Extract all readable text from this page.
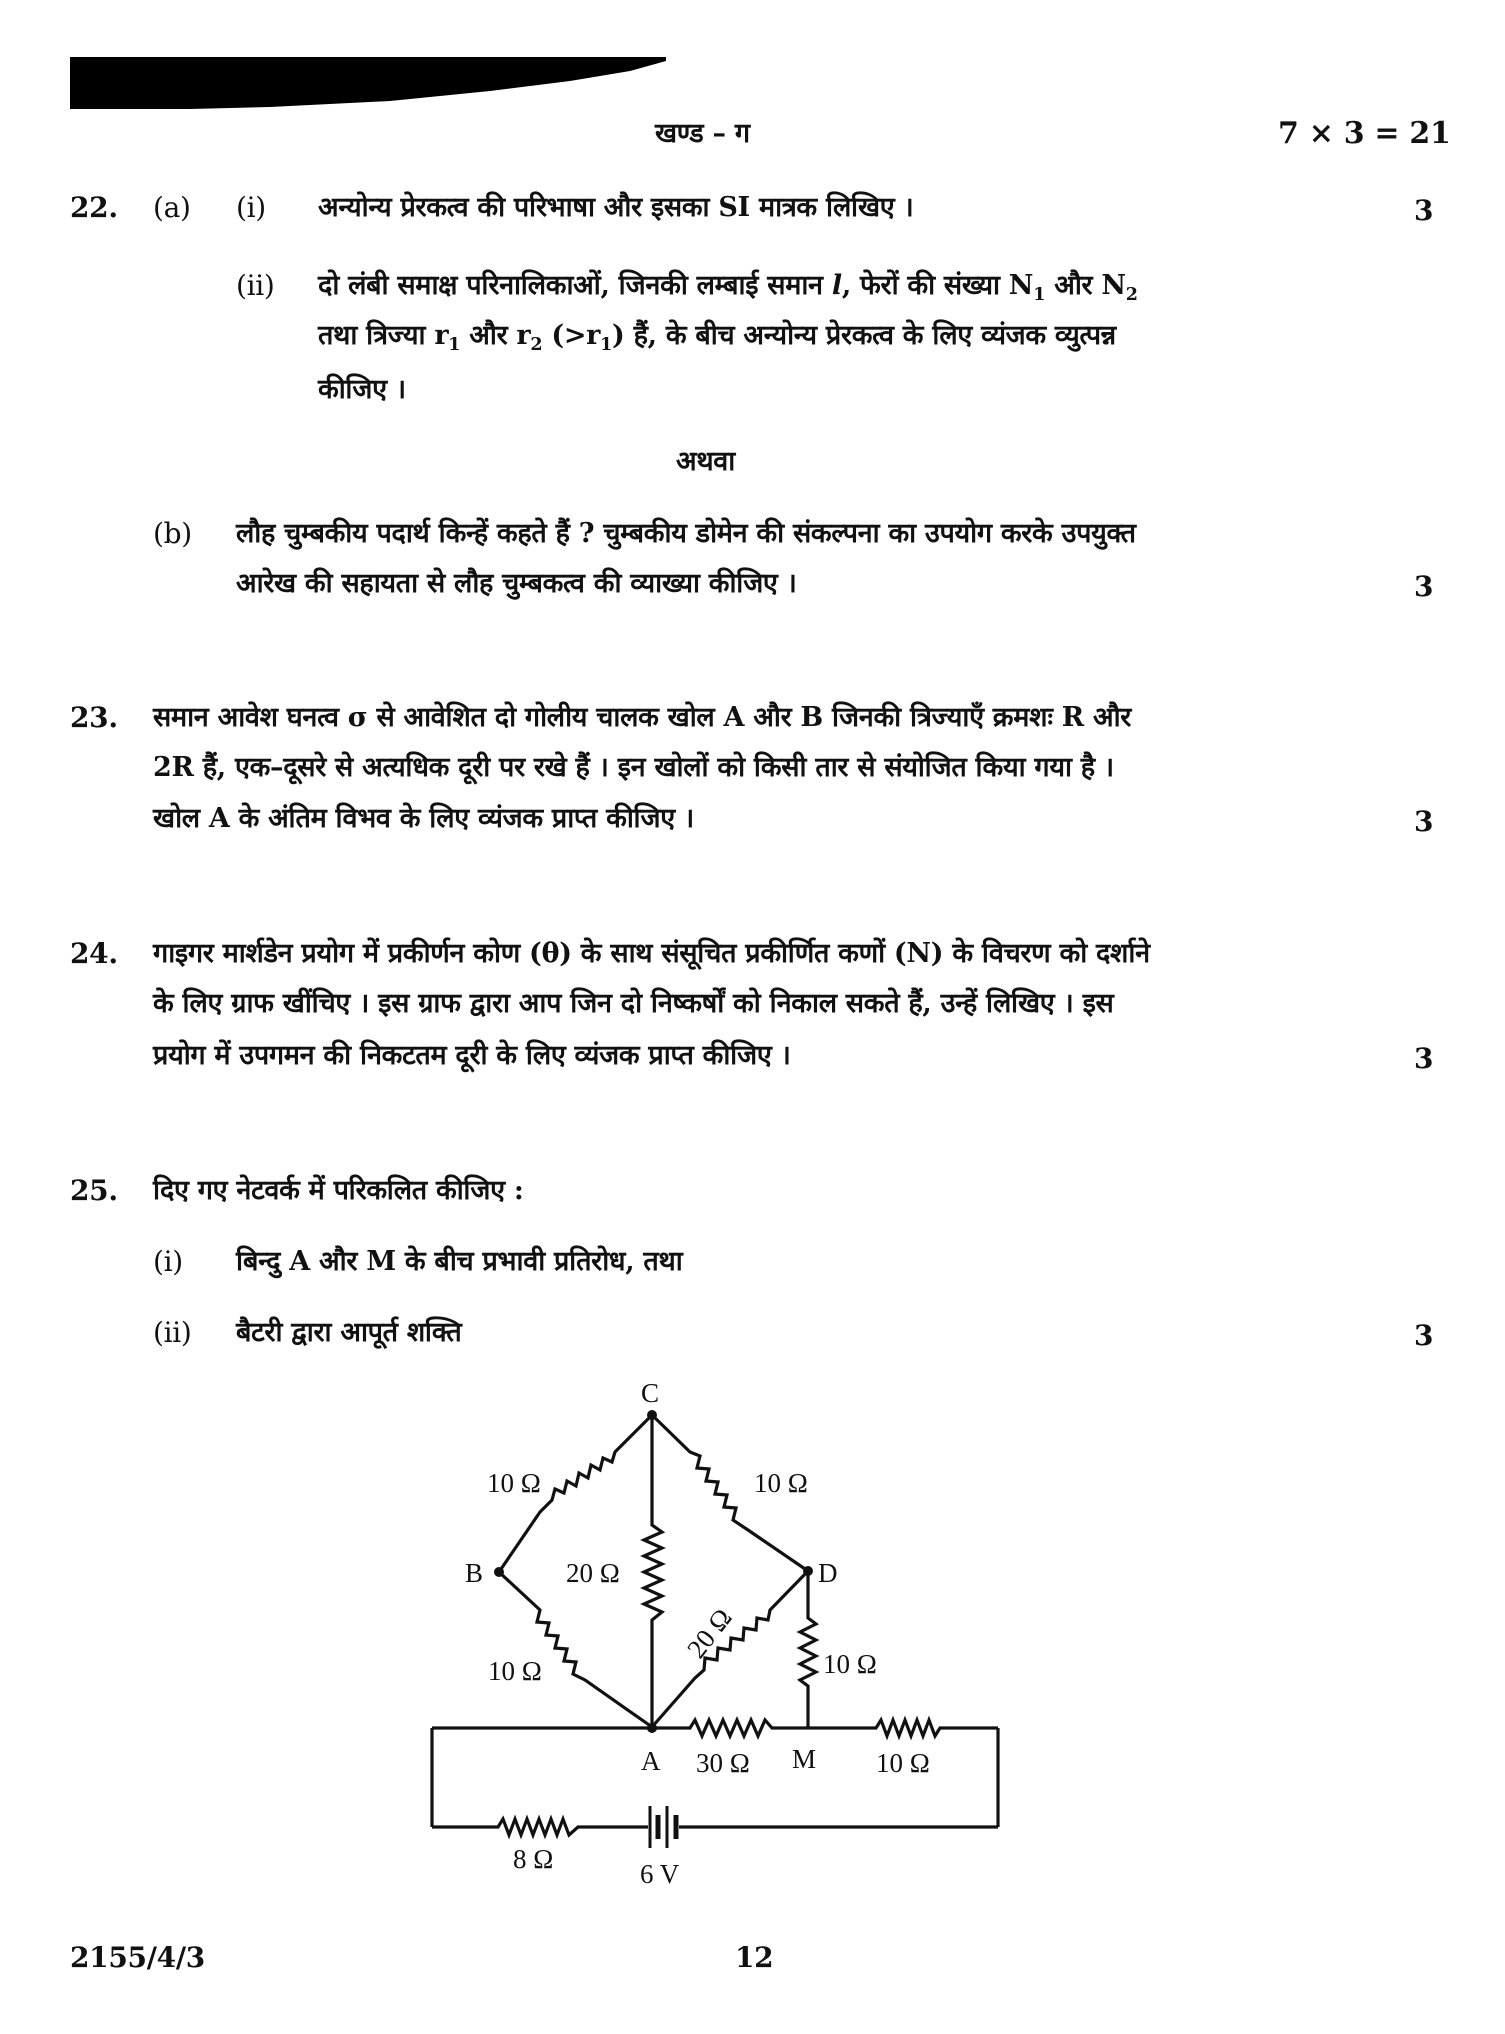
खण्ड – ग	7 × 3 = 21
22. (a) (i) अन्योन्य प्रेरकत्व की परिभाषा और इसका SI मात्रक लिखिए ।	3
(ii) दो लंबी समाक्ष परिनालिकाओं, जिनकी लम्बाई समान l, फेरों की संख्या $N_1$ और $N_2$
तथा त्रिज्या $r_1$ और $r_2$ $(>r_1)$ हैं, के बीच अन्योन्य प्रेरकत्व के लिए व्यंजक व्युत्पन्न
कीजिए ।
अथवा
(b) लौह चुम्बकीय पदार्थ किन्हें कहते हैं ? चुम्बकीय डोमेन की संकल्पना का उपयोग करके उपयुक्त
आरेख की सहायता से लौह चुम्बकत्व की व्याख्या कीजिए ।	3
23. समान आवेश घनत्व σ से आवेशित दो गोलीय चालक खोल A और B जिनकी त्रिज्याएँ क्रमशः R और
2R हैं, एक–दूसरे से अत्यधिक दूरी पर रखे हैं । इन खोलों को किसी तार से संयोजित किया गया है ।
खोल A के अंतिम विभव के लिए व्यंजक प्राप्त कीजिए ।	3
24. गाइगर मार्शडेन प्रयोग में प्रकीर्णन कोण (θ) के साथ संसूचित प्रकीर्णित कणों (N) के विचरण को दर्शाने
के लिए ग्राफ खींचिए । इस ग्राफ द्वारा आप जिन दो निष्कर्षों को निकाल सकते हैं, उन्हें लिखिए । इस
प्रयोग में उपगमन की निकटतम दूरी के लिए व्यंजक प्राप्त कीजिए ।	3
25. दिए गए नेटवर्क में परिकलित कीजिए :
(i) बिन्दु A और M के बीच प्रभावी प्रतिरोध, तथा
(ii) बैटरी द्वारा आपूर्त शक्ति	3
C
B	D
A	M
10 Ω	10 Ω
20 Ω
10 Ω
20 Ω
10 Ω
30 Ω	10 Ω
8 Ω	6 V
2155/4/3	12
